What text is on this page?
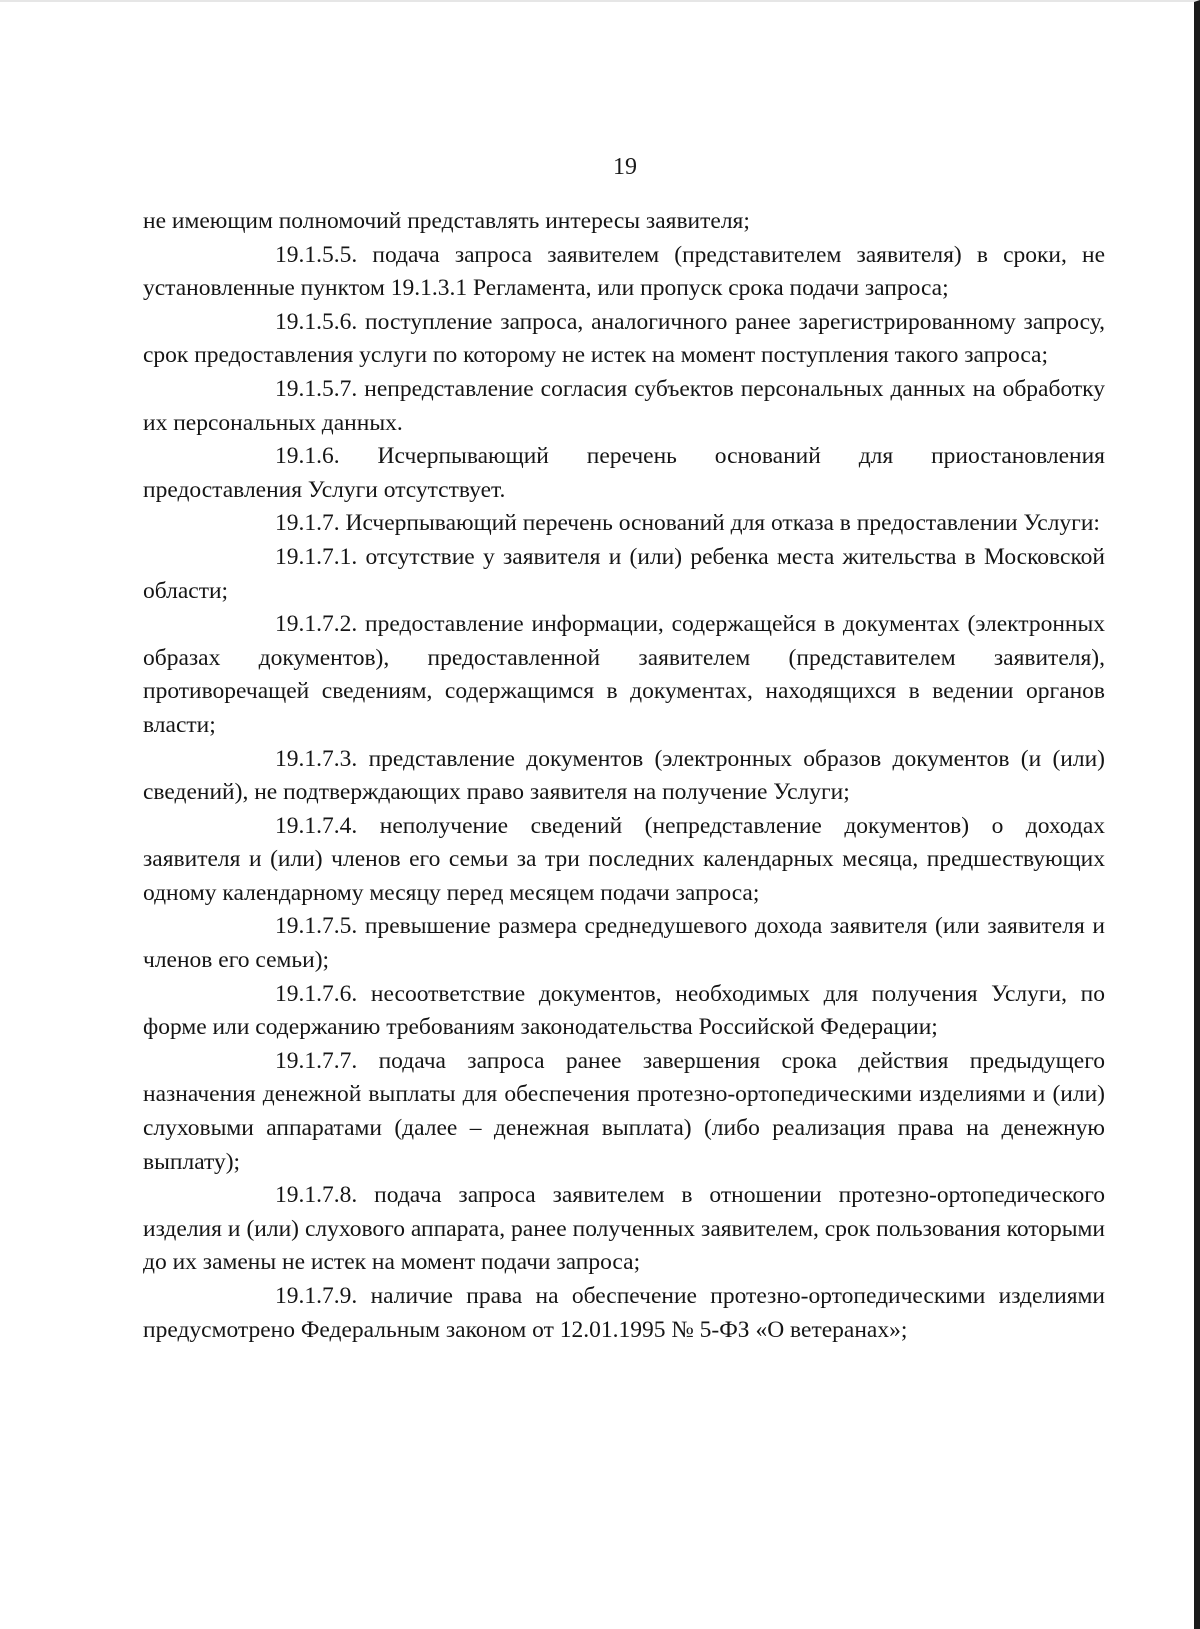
19

не имеющим полномочий представлять интересы заявителя;

19.1.5.5. подача запроса заявителем (представителем заявителя) в сроки, не установленные пунктом 19.1.3.1 Регламента, или пропуск срока подачи запроса;

19.1.5.6. поступление запроса, аналогичного ранее зарегистрированному запросу, срок предоставления услуги по которому не истек на момент поступления такого запроса;

19.1.5.7. непредставление согласия субъектов персональных данных на обработку их персональных данных.

19.1.6. Исчерпывающий перечень оснований для приостановления предоставления Услуги отсутствует.

19.1.7. Исчерпывающий перечень оснований для отказа в предоставлении Услуги:

19.1.7.1. отсутствие у заявителя и (или) ребенка места жительства в Московской области;

19.1.7.2. предоставление информации, содержащейся в документах (электронных образах документов), предоставленной заявителем (представителем заявителя), противоречащей сведениям, содержащимся в документах, находящихся в ведении органов власти;

19.1.7.3. представление документов (электронных образов документов (и (или) сведений), не подтверждающих право заявителя на получение Услуги;

19.1.7.4. неполучение сведений (непредставление документов) о доходах заявителя и (или) членов его семьи за три последних календарных месяца, предшествующих одному календарному месяцу перед месяцем подачи запроса;

19.1.7.5. превышение размера среднедушевого дохода заявителя (или заявителя и членов его семьи);

19.1.7.6. несоответствие документов, необходимых для получения Услуги, по форме или содержанию требованиям законодательства Российской Федерации;

19.1.7.7. подача запроса ранее завершения срока действия предыдущего назначения денежной выплаты для обеспечения протезно-ортопедическими изделиями и (или) слуховыми аппаратами (далее – денежная выплата) (либо реализация права на денежную выплату);

19.1.7.8. подача запроса заявителем в отношении протезно-ортопедического изделия и (или) слухового аппарата, ранее полученных заявителем, срок пользования которыми до их замены не истек на момент подачи запроса;

19.1.7.9. наличие права на обеспечение протезно-ортопедическими изделиями предусмотрено Федеральным законом от 12.01.1995 № 5-ФЗ «О ветеранах»;
